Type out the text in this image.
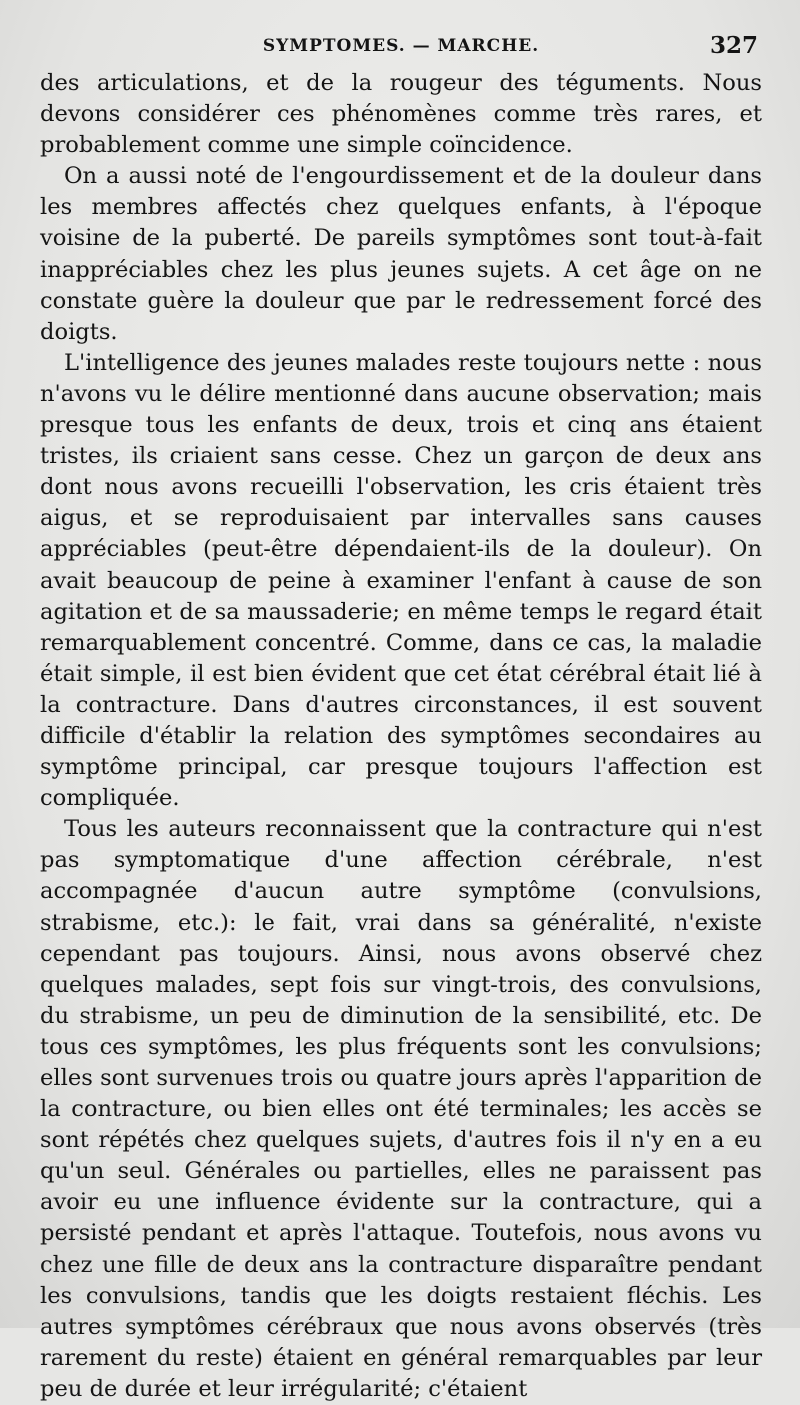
SYMPTOMES. — MARCHE.	327

des articulations, et de la rougeur des téguments. Nous devons considérer ces phénomènes comme très rares, et probablement comme une simple coïncidence.

On a aussi noté de l'engourdissement et de la douleur dans les membres affectés chez quelques enfants, à l'époque voisine de la puberté. De pareils symptômes sont tout-à-fait inappréciables chez les plus jeunes sujets. A cet âge on ne constate guère la douleur que par le redressement forcé des doigts.

L'intelligence des jeunes malades reste toujours nette : nous n'avons vu le délire mentionné dans aucune observation; mais presque tous les enfants de deux, trois et cinq ans étaient tristes, ils criaient sans cesse. Chez un garçon de deux ans dont nous avons recueilli l'observation, les cris étaient très aigus, et se reproduisaient par intervalles sans causes appréciables (peut-être dépendaient-ils de la douleur). On avait beaucoup de peine à examiner l'enfant à cause de son agitation et de sa maussaderie; en même temps le regard était remarquablement concentré. Comme, dans ce cas, la maladie était simple, il est bien évident que cet état cérébral était lié à la contracture. Dans d'autres circonstances, il est souvent difficile d'établir la relation des symptômes secondaires au symptôme principal, car presque toujours l'affection est compliquée.

Tous les auteurs reconnaissent que la contracture qui n'est pas symptomatique d'une affection cérébrale, n'est accompagnée d'aucun autre symptôme (convulsions, strabisme, etc.): le fait, vrai dans sa généralité, n'existe cependant pas toujours. Ainsi, nous avons observé chez quelques malades, sept fois sur vingt-trois, des convulsions, du strabisme, un peu de diminution de la sensibilité, etc. De tous ces symptômes, les plus fréquents sont les convulsions; elles sont survenues trois ou quatre jours après l'apparition de la contracture, ou bien elles ont été terminales; les accès se sont répétés chez quelques sujets, d'autres fois il n'y en a eu qu'un seul. Générales ou partielles, elles ne paraissent pas avoir eu une influence évidente sur la contracture, qui a persisté pendant et après l'attaque. Toutefois, nous avons vu chez une fille de deux ans la contracture disparaître pendant les convulsions, tandis que les doigts restaient fléchis. Les autres symptômes cérébraux que nous avons observés (très rarement du reste) étaient en général remarquables par leur peu de durée et leur irrégularité; c'étaient
